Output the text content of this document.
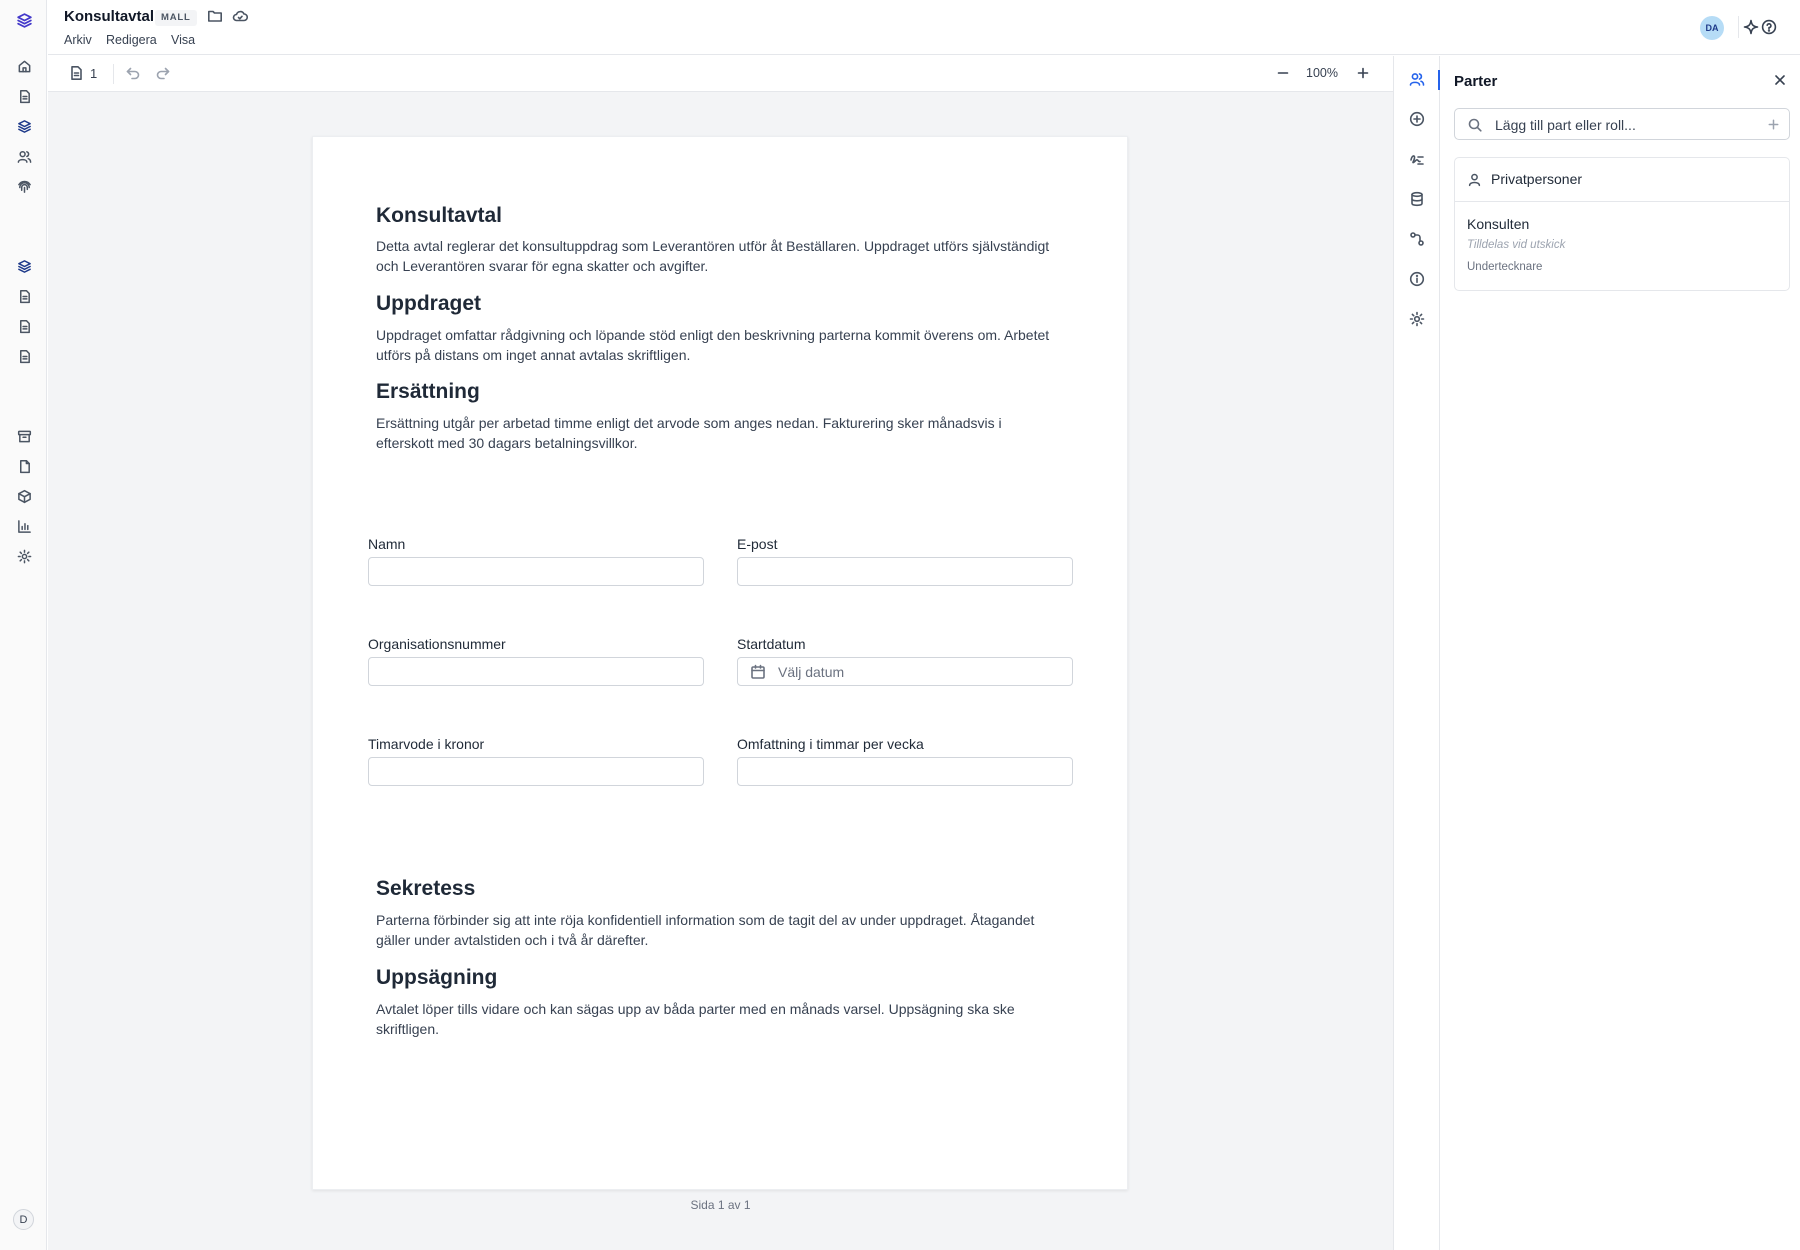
D
Konsultavtal MALL
Arkiv Redigera Visa
DA
1	100%
Konsultavtal

Detta avtal reglerar det konsultuppdrag som Leverantören utför åt Beställaren. Uppdraget utförs självständigt och Leverantören svarar för egna skatter och avgifter.

Uppdraget

Uppdraget omfattar rådgivning och löpande stöd enligt den beskrivning parterna kommit överens om. Arbetet utförs på distans om inget annat avtalas skriftligen.

Ersättning

Ersättning utgår per arbetad timme enligt det arvode som anges nedan. Fakturering sker månadsvis i efterskott med 30 dagars betalningsvillkor.

Namn	E-post
Organisationsnummer	Startdatum
Välj datum
Timarvode i kronor	Omfattning i timmar per vecka
Sekretess

Parterna förbinder sig att inte röja konfidentiell information som de tagit del av under uppdraget. Åtagandet gäller under avtalstiden och i två år därefter.

Uppsägning

Avtalet löper tills vidare och kan sägas upp av båda parter med en månads varsel. Uppsägning ska ske skriftligen.

Sida 1 av 1
Parter
Lägg till part eller roll...
Privatpersoner
Konsulten
Tilldelas vid utskick
Undertecknare
